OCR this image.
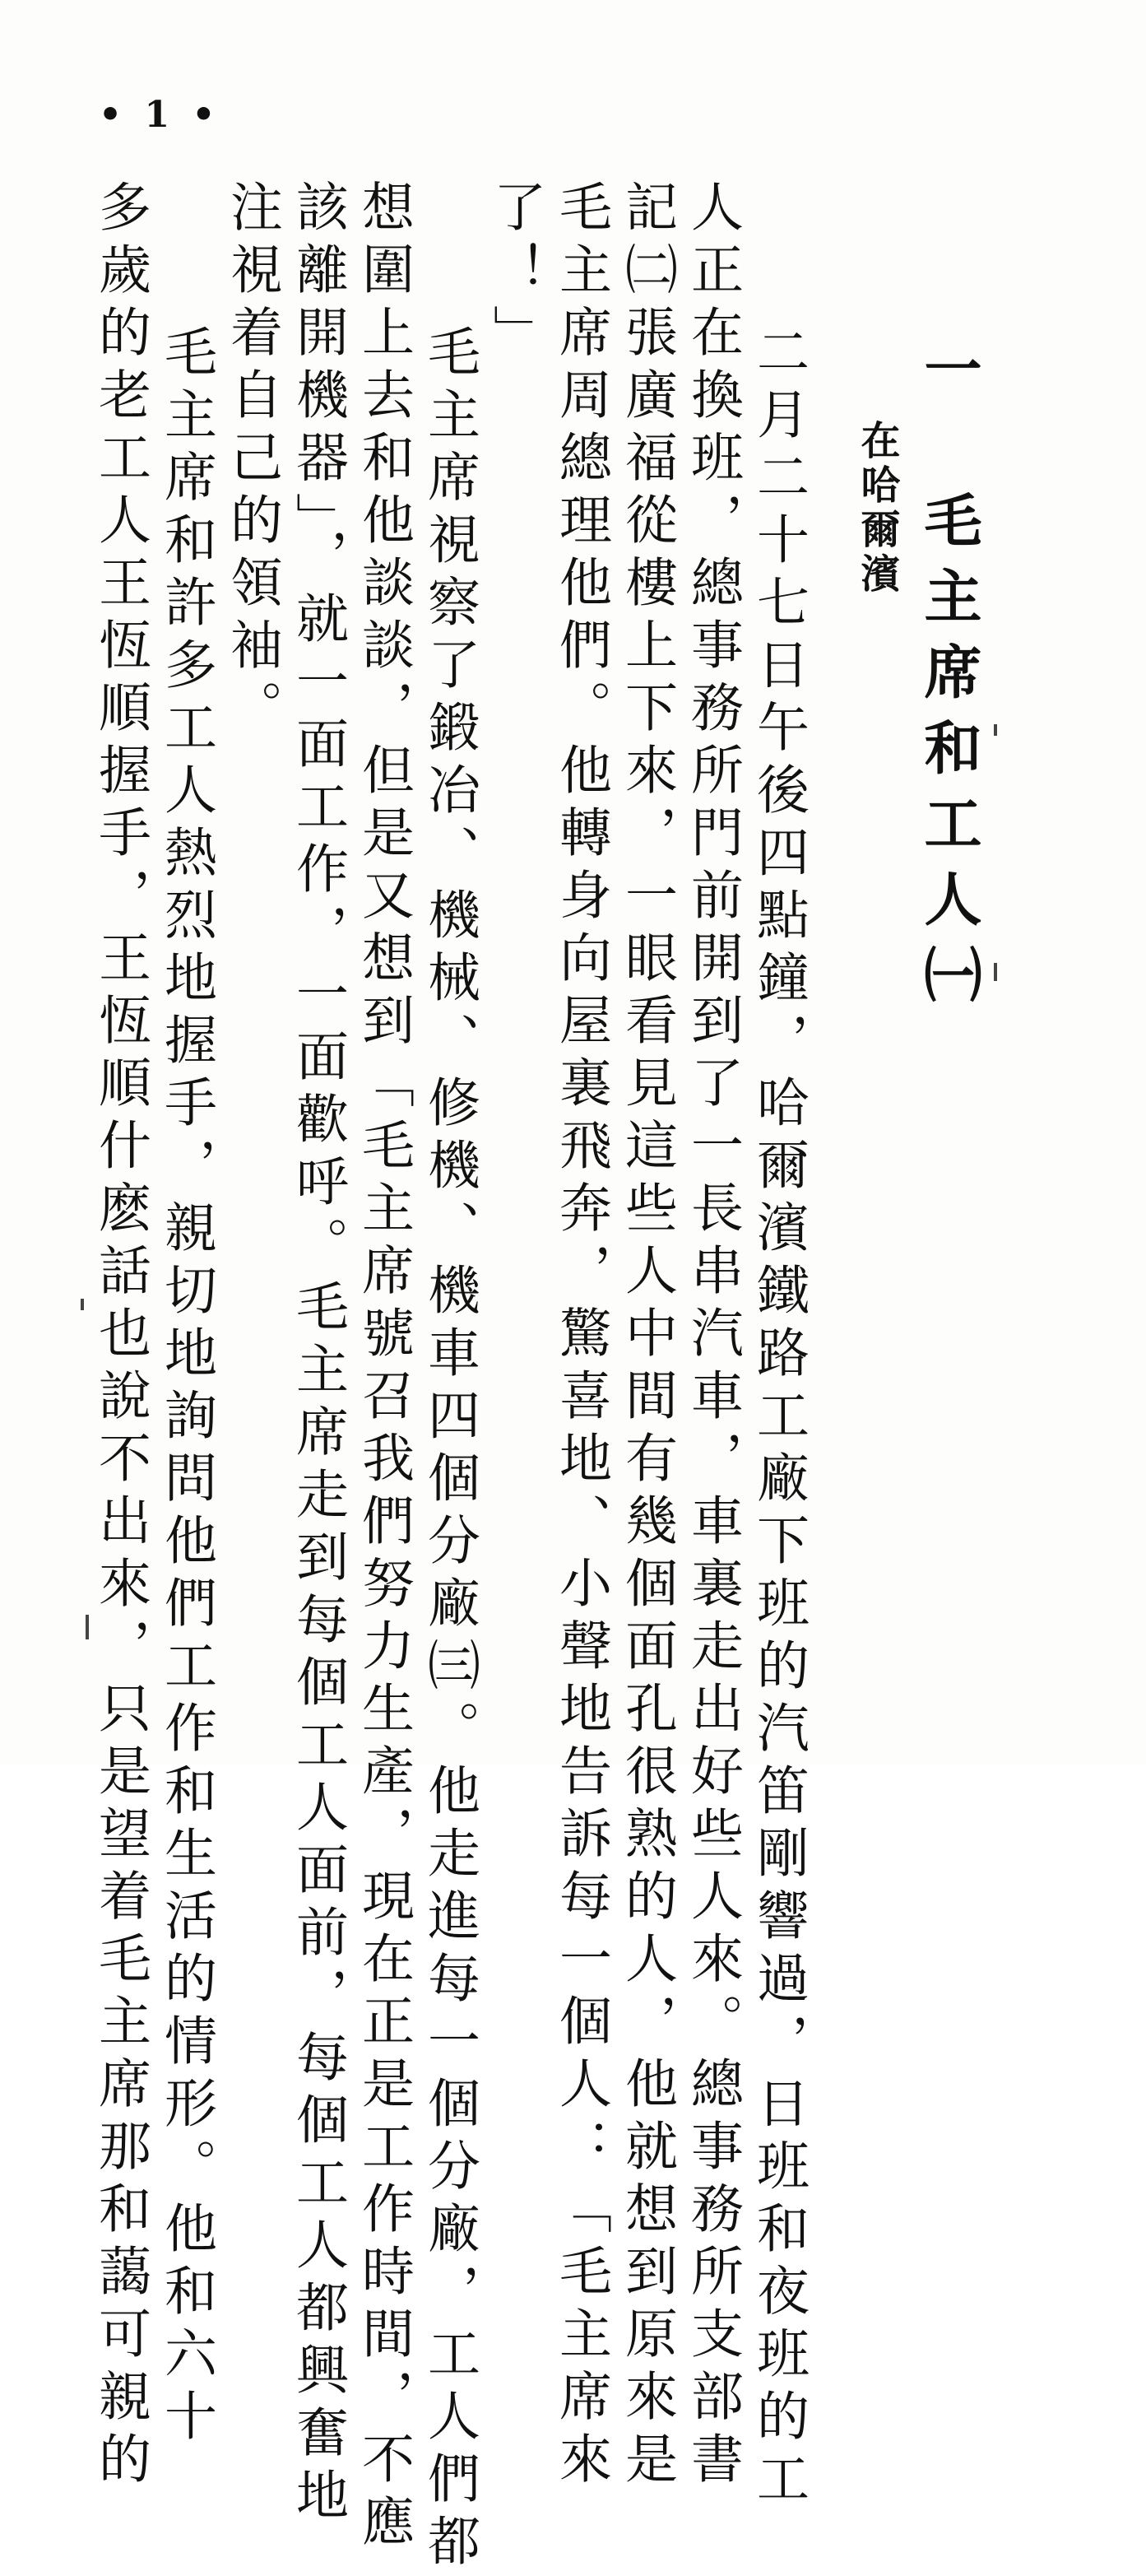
• 1 •
一　毛主席和工人㈠
在哈爾濱
　二月二十七日午後四點鐘，哈爾濱鐵路工廠下班的汽笛剛響過，日班和夜班的工
人正在換班，總事務所門前開到了一長串汽車，車裏走出好些人來。總事務所支部書
記㈡張廣福從樓上下來，一眼看見這些人中間有幾個面孔很熟的人，他就想到原來是
毛主席周總理他們。他轉身向屋裏飛奔，驚喜地、小聲地告訴每一個人：「毛主席來
了！」
　毛主席視察了鍛冶、機械、修機、機車四個分廠㈢。他走進每一個分廠，工人們都
想圍上去和他談談，但是又想到「毛主席號召我們努力生產，現在正是工作時間，不應
該離開機器」，就一面工作，一面歡呼。毛主席走到每個工人面前，每個工人都興奮地
注視着自己的領袖。
　毛主席和許多工人熱烈地握手，親切地詢問他們工作和生活的情形。他和六十
多歲的老工人王恆順握手，王恆順什麽話也說不出來，只是望着毛主席那和藹可親的
